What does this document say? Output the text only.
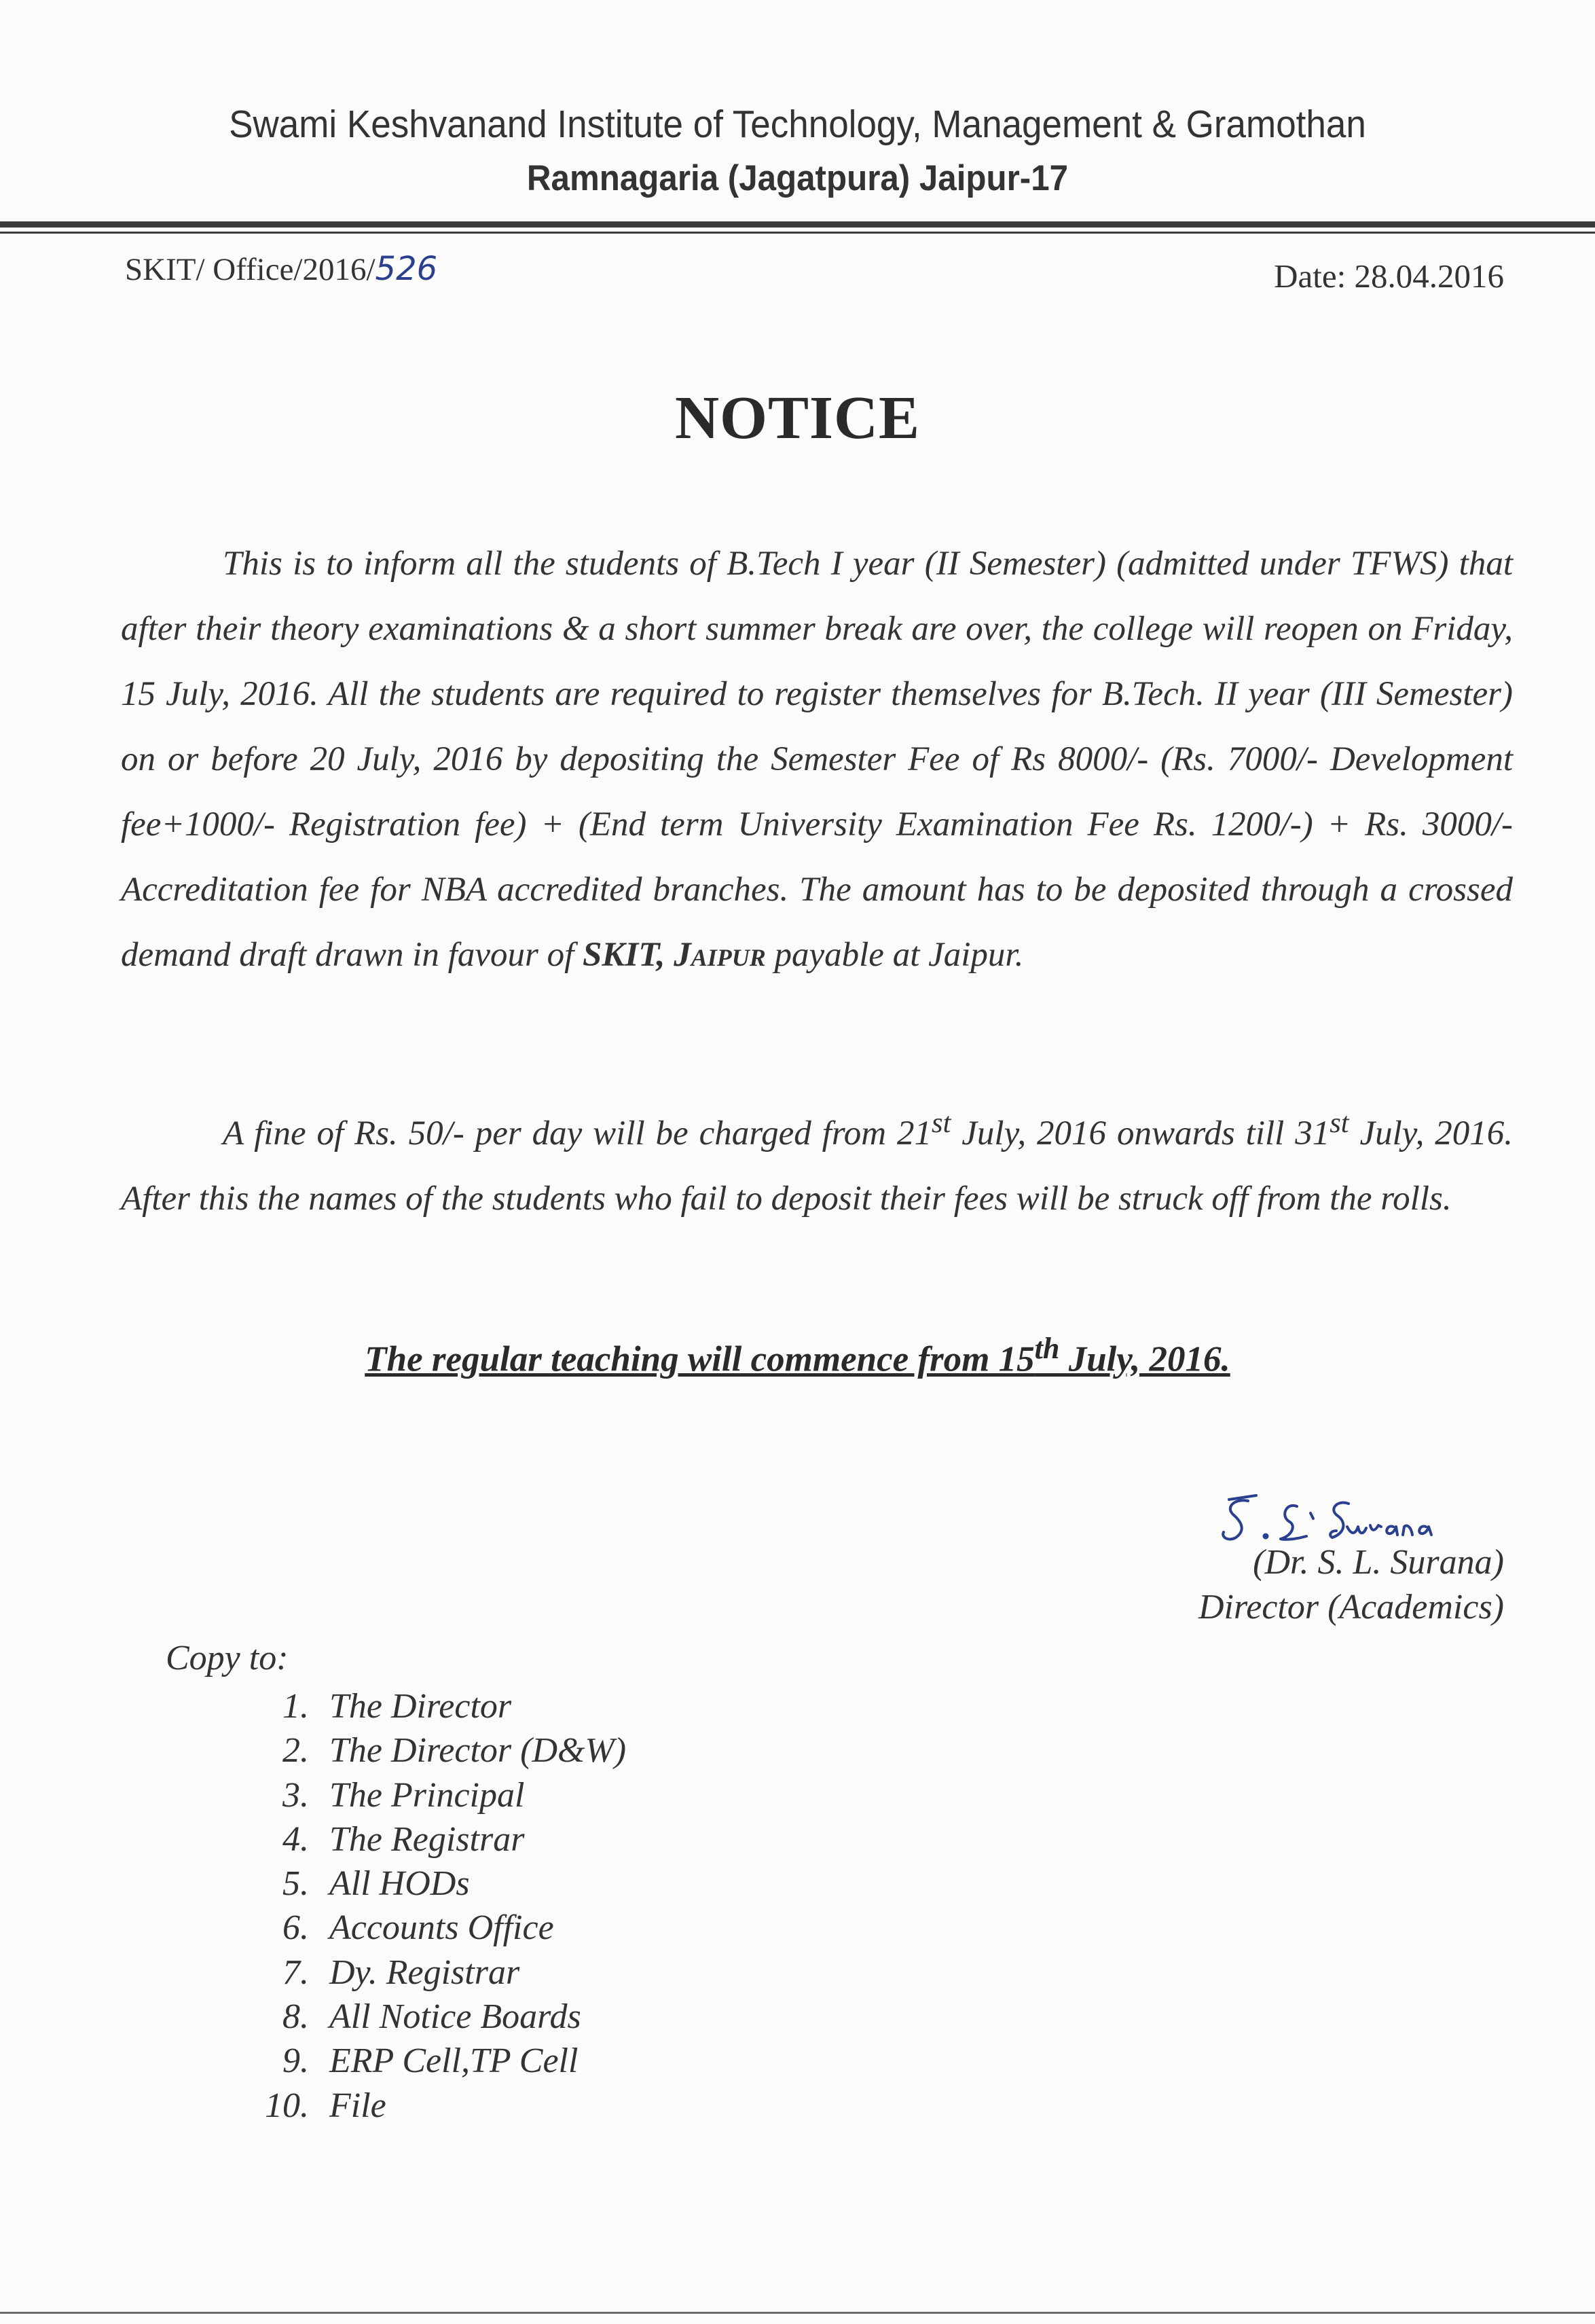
Swami Keshvanand Institute of Technology, Management & Gramothan
Ramnagaria (Jagatpura) Jaipur-17
SKIT/ Office/2016/526	Date: 28.04.2016
NOTICE
This is to inform all the students of B.Tech I year (II Semester) (admitted under TFWS) that after their theory examinations & a short summer break are over, the college will reopen on Friday, 15 July, 2016. All the students are required to register themselves for B.Tech. II year (III Semester) on or before 20 July, 2016 by depositing the Semester Fee of Rs 8000/- (Rs. 7000/- Development fee+1000/- Registration fee) + (End term University Examination Fee Rs. 1200/-) + Rs. 3000/- Accreditation fee for NBA accredited branches. The amount has to be deposited through a crossed demand draft drawn in favour of SKIT, Jaipur payable at Jaipur.
A fine of Rs. 50/- per day will be charged from 21st July, 2016 onwards till 31st July, 2016. After this the names of the students who fail to deposit their fees will be struck off from the rolls.
The regular teaching will commence from 15th July, 2016.
(Dr. S. L. Surana)
Director (Academics)
Copy to:
1. The Director
2. The Director (D&W)
3. The Principal
4. The Registrar
5. All HODs
6. Accounts Office
7. Dy. Registrar
8. All Notice Boards
9. ERP Cell,TP Cell
10. File
